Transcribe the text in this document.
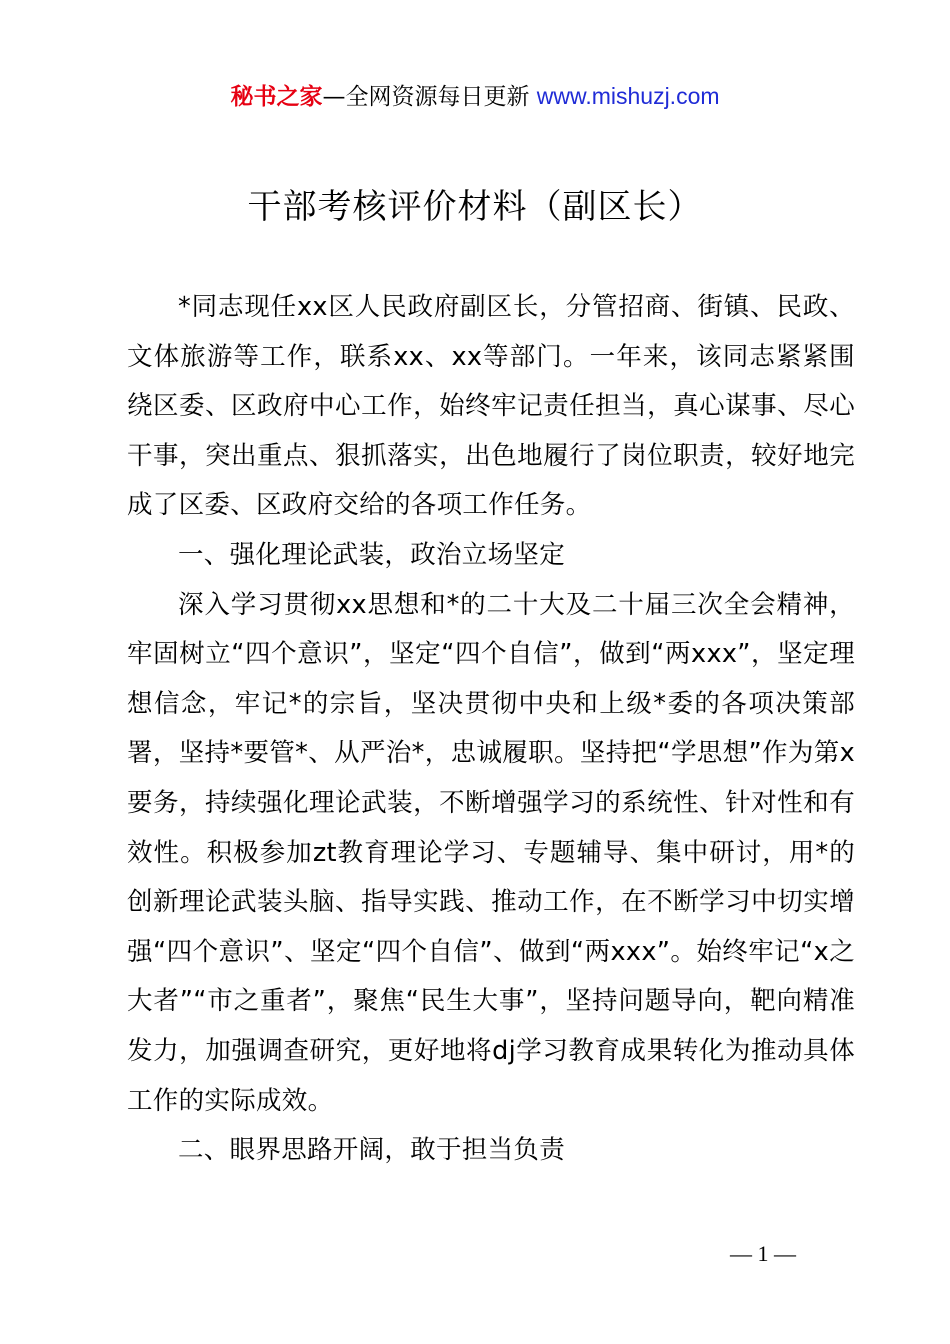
秘书之家—全网资源每日更新 www.mishuzj.com
干部考核评价材料（副区长）

*同志现任xx区人民政府副区长，分管招商、街镇、民政、文体旅游等工作，联系xx、xx等部门。一年来，该同志紧紧围绕区委、区政府中心工作，始终牢记责任担当，真心谋事、尽心干事，突出重点、狠抓落实，出色地履行了岗位职责，较好地完成了区委、区政府交给的各项工作任务。

一、强化理论武装，政治立场坚定

深入学习贯彻xx思想和*的二十大及二十届三次全会精神，牢固树立“四个意识”，坚定“四个自信”，做到“两xxx”，坚定理想信念，牢记*的宗旨，坚决贯彻中央和上级*委的各项决策部署，坚持*要管*、从严治*，忠诚履职。坚持把“学思想”作为第x要务，持续强化理论武装，不断增强学习的系统性、针对性和有效性。积极参加zt教育理论学习、专题辅导、集中研讨，用*的创新理论武装头脑、指导实践、推动工作，在不断学习中切实增强“四个意识”、坚定“四个自信”、做到“两xxx”。始终牢记“x之大者”“市之重者”，聚焦“民生大事”，坚持问题导向，靶向精准发力，加强调查研究，更好地将dj学习教育成果转化为推动具体工作的实际成效。

二、眼界思路开阔，敢于担当负责

— 1 —
